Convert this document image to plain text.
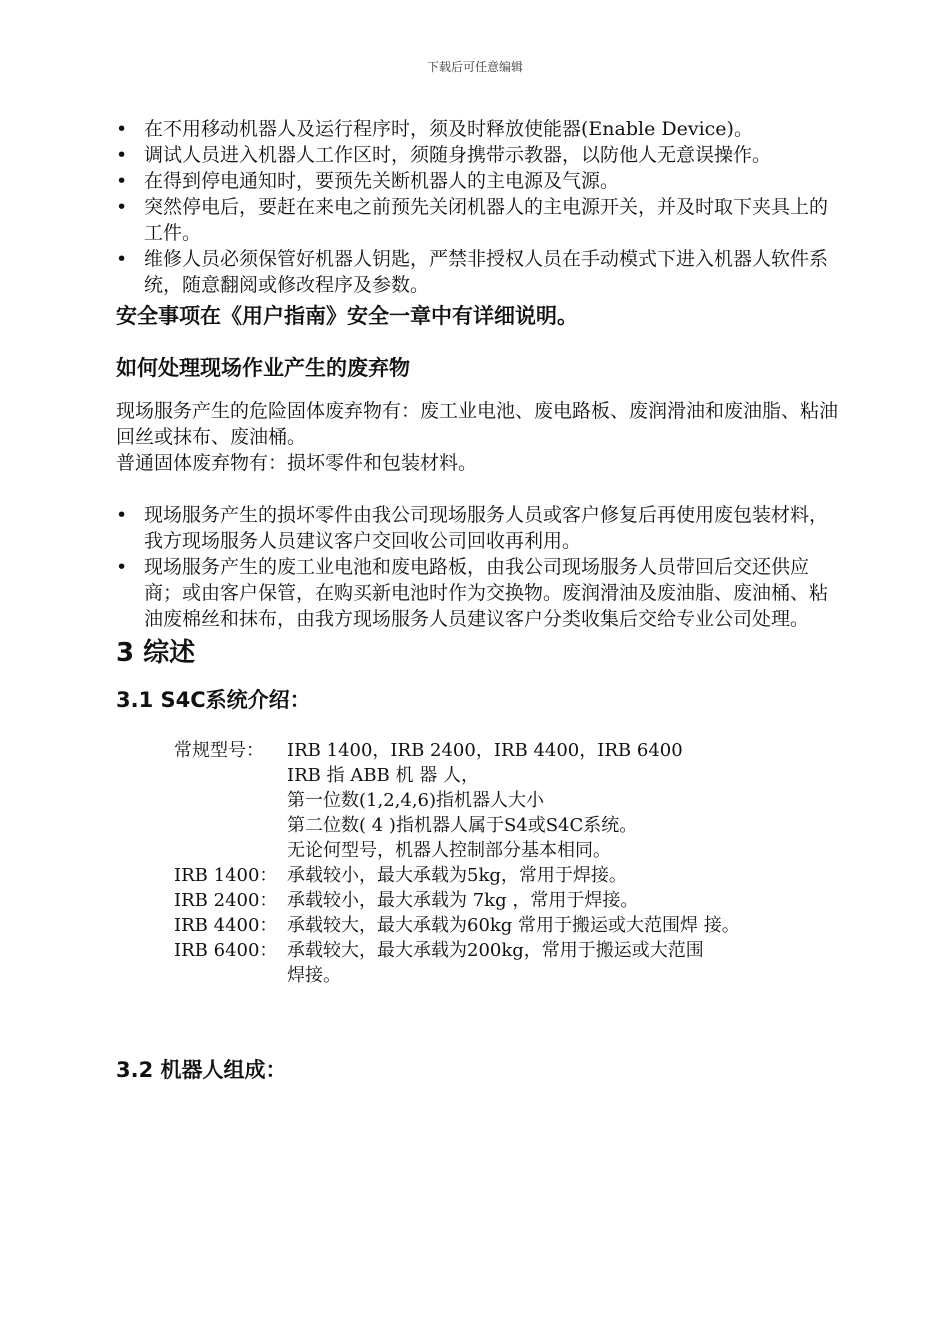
下载后可任意编辑
• 在不用移动机器人及运行程序时，须及时释放使能器(Enable Device)。
• 调试人员进入机器人工作区时，须随身携带示教器，以防他人无意误操作。
• 在得到停电通知时，要预先关断机器人的主电源及气源。
• 突然停电后，要赶在来电之前预先关闭机器人的主电源开关，并及时取下夹具上的工件。
• 维修人员必须保管好机器人钥匙，严禁非授权人员在手动模式下进入机器人软件系统，随意翻阅或修改程序及参数。
安全事项在《用户指南》安全一章中有详细说明。
如何处理现场作业产生的废弃物

现场服务产生的危险固体废弃物有：废工业电池、废电路板、废润滑油和废油脂、粘油回丝或抹布、废油桶。

普通固体废弃物有：损坏零件和包装材料。

• 现场服务产生的损坏零件由我公司现场服务人员或客户修复后再使用废包装材料，我方现场服务人员建议客户交回收公司回收再利用。
• 现场服务产生的废工业电池和废电路板，由我公司现场服务人员带回后交还供应商；或由客户保管，在购买新电池时作为交换物。废润滑油及废油脂、废油桶、粘油废棉丝和抹布，由我方现场服务人员建议客户分类收集后交给专业公司处理。
3 综述
3.1 S4C系统介绍：
常规型号：	IRB 1400，IRB 2400，IRB 4400，IRB 6400
IRB 指 ABB 机 器 人，
第一位数(1,2,4,6)指机器人大小
第二位数( 4 )指机器人属于S4或S4C系统。
无论何型号，机器人控制部分基本相同。
IRB 1400： 承载较小，最大承载为5kg，常用于焊接。
IRB 2400： 承载较小，最大承载为 7kg ，常用于焊接。
IRB 4400： 承载较大，最大承载为60kg 常用于搬运或大范围焊 接。
IRB 6400： 承载较大，最大承载为200kg，常用于搬运或大范围
焊接。
3.2 机器人组成：
